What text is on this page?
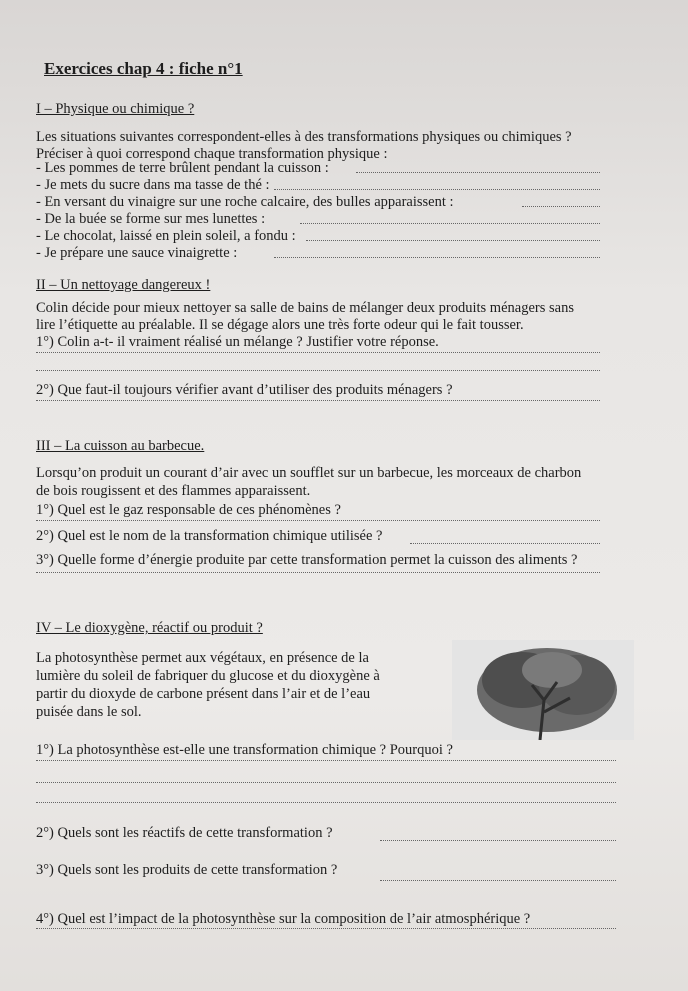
Exercices chap 4 : fiche n°1
I – Physique ou chimique ?
Les situations suivantes correspondent-elles à des transformations physiques ou chimiques ?
Préciser à quoi correspond chaque transformation physique :
- Les pommes de terre brûlent pendant la cuisson :
- Je mets du sucre dans ma tasse de thé :
- En versant du vinaigre sur une roche calcaire, des bulles apparaissent :
- De la buée se forme sur mes lunettes :
- Le chocolat, laissé en plein soleil, a fondu :
- Je prépare une sauce vinaigrette :
II – Un nettoyage dangereux !
Colin décide pour mieux nettoyer sa salle de bains de mélanger deux produits ménagers sans
lire l’étiquette au préalable. Il se dégage alors une très forte odeur qui le fait tousser.
1°) Colin a-t- il vraiment réalisé un mélange ? Justifier votre réponse.
2°) Que faut-il toujours vérifier avant d’utiliser des produits ménagers ?
III – La cuisson au barbecue.
Lorsqu’on produit un courant d’air avec un soufflet sur un barbecue, les morceaux de charbon
de bois rougissent et des flammes apparaissent.
1°) Quel est le gaz responsable de ces phénomènes ?
2°) Quel est le nom de la transformation chimique utilisée ?
3°) Quelle forme d’énergie produite par cette transformation permet la cuisson des aliments ?
IV – Le dioxygène, réactif ou produit ?
La photosynthèse permet aux végétaux, en présence de la
lumière du soleil de fabriquer du glucose et du dioxygène à
partir du dioxyde de carbone présent dans l’air et de l’eau
puisée dans le sol.
1°) La photosynthèse est-elle une transformation chimique ? Pourquoi ?
2°) Quels sont les réactifs de cette transformation ?
3°) Quels sont les produits de cette transformation ?
4°) Quel est l’impact de la photosynthèse sur la composition de l’air atmosphérique ?
